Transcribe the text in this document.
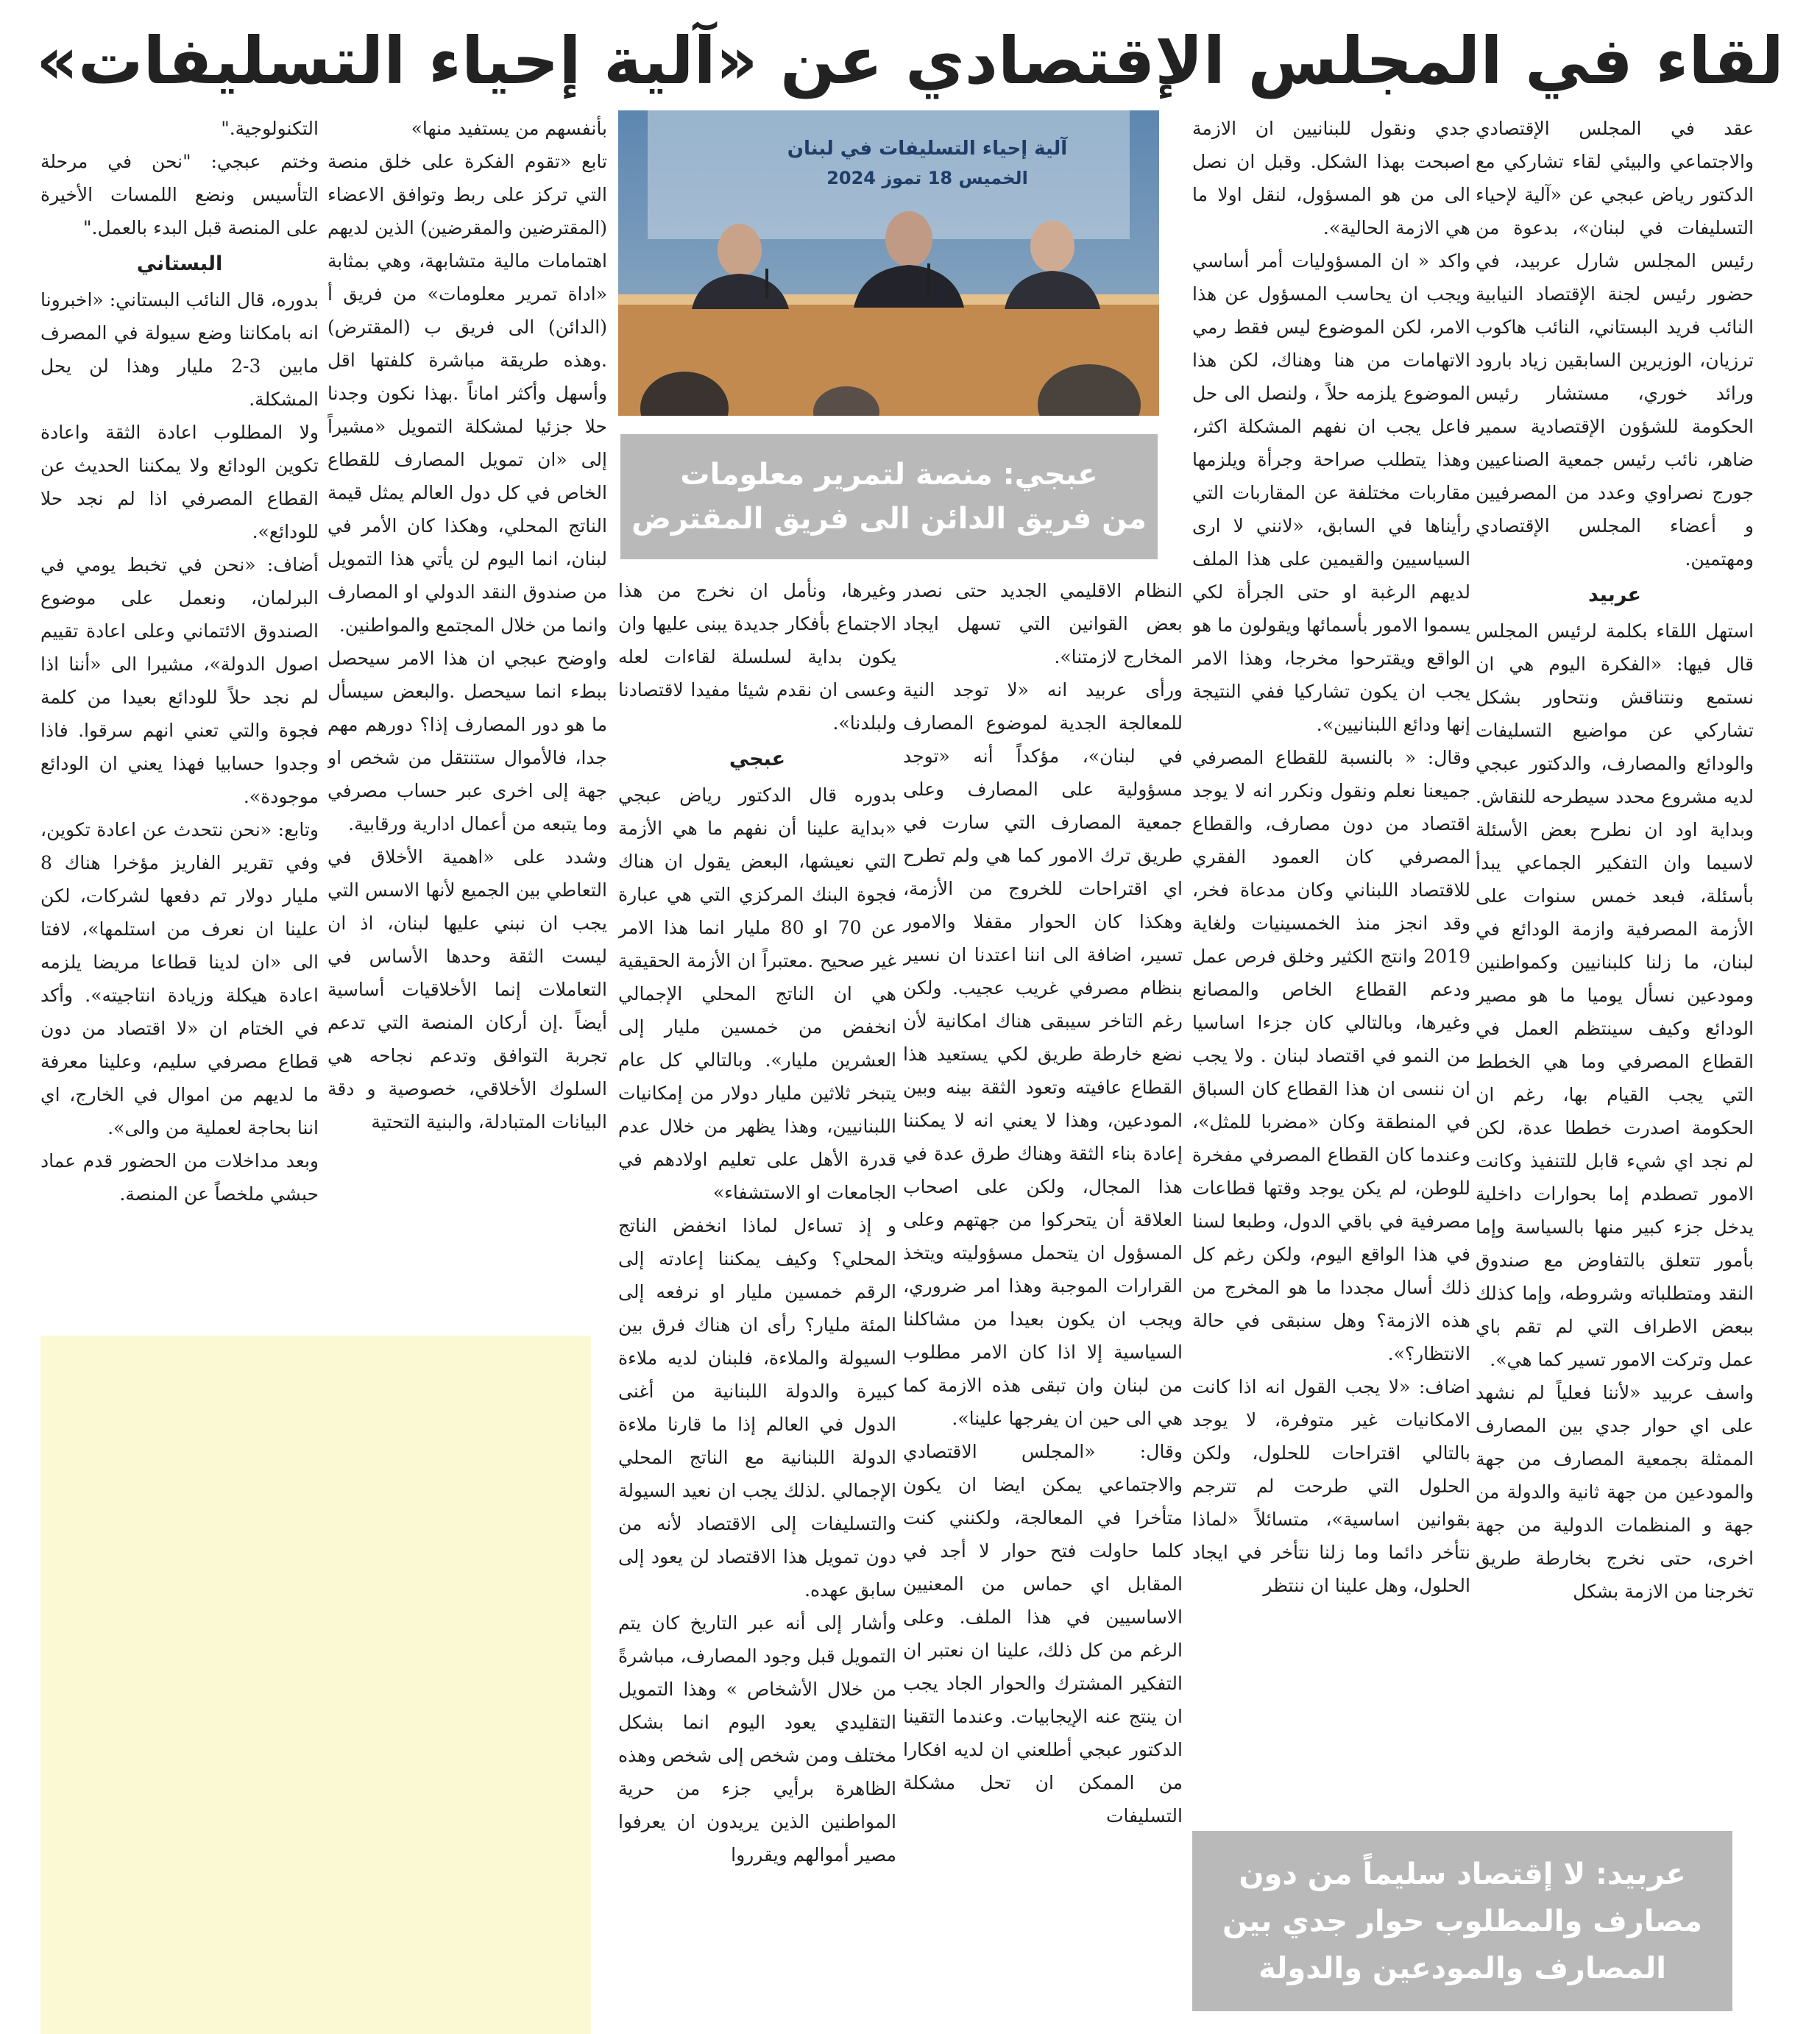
لقاء في المجلس الإقتصادي عن «آلية إحياء التسليفات»
آلية إحياء التسليفات في لبنان
الخميس 18 تموز 2024
عبجي: منصة لتمرير معلومات
من فريق الدائن الى فريق المقترض
عربيد: لا إقتصاد سليماً من دون
مصارف والمطلوب حوار جدي بين
المصارف والمودعين والدولة

عقد في المجلس الإقتصادي والاجتماعي والبيئي لقاء تشاركي مع الدكتور رياض عبجي عن «آلية لإحياء التسليفات في لبنان»، بدعوة من رئيس المجلس شارل عربيد، في حضور رئيس لجنة الإقتصاد النيابية النائب فريد البستاني، النائب هاكوب ترزيان، الوزيرين السابقين زياد بارود ورائد خوري، مستشار رئيس الحكومة للشؤون الإقتصادية سمير ضاهر، نائب رئيس جمعية الصناعيين جورج نصراوي وعدد من المصرفيين و أعضاء المجلس الإقتصادي ومهتمين.

عربيد

استهل اللقاء بكلمة لرئيس المجلس قال فيها: «الفكرة اليوم هي ان نستمع ونتناقش ونتحاور بشكل تشاركي عن مواضيع التسليفات والودائع والمصارف، والدكتور عبجي لديه مشروع محدد سيطرحه للنقاش. وبداية اود ان نطرح بعض الأسئلة لاسيما وان التفكير الجماعي يبدأ بأسئلة، فبعد خمس سنوات على الأزمة المصرفية وازمة الودائع في لبنان، ما زلنا كلبنانيين وكمواطنين ومودعين نسأل يوميا ما هو مصير الودائع وكيف سينتظم العمل في القطاع المصرفي وما هي الخطط التي يجب القيام بها، رغم ان الحكومة اصدرت خططا عدة، لكن لم نجد اي شيء قابل للتنفيذ وكانت الامور تصطدم إما بحوارات داخلية يدخل جزء كبير منها بالسياسة وإما بأمور تتعلق بالتفاوض مع صندوق النقد ومتطلباته وشروطه، وإما كذلك ببعض الاطراف التي لم تقم باي عمل وتركت الامور تسير كما هي».

واسف عربيد «لأننا فعلياً لم نشهد على اي حوار جدي بين المصارف الممثلة بجمعية المصارف من جهة والمودعين من جهة ثانية والدولة من جهة و المنظمات الدولية من جهة اخرى، حتى نخرج بخارطة طريق تخرجنا من الازمة بشكل

جدي ونقول للبنانيين ان الازمة اصبحت بهذا الشكل. وقبل ان نصل الى من هو المسؤول، لنقل اولا ما هي الازمة الحالية».

واكد « ان المسؤوليات أمر أساسي ويجب ان يحاسب المسؤول عن هذا الامر، لكن الموضوع ليس فقط رمي الاتهامات من هنا وهناك، لكن هذا الموضوع يلزمه حلاً ، ولنصل الى حل فاعل يجب ان نفهم المشكلة اكثر، وهذا يتطلب صراحة وجرأة ويلزمها مقاربات مختلفة عن المقاربات التي رأيناها في السابق، «لانني لا ارى السياسيين والقيمين على هذا الملف لديهم الرغبة او حتى الجرأة لكي يسموا الامور بأسمائها ويقولون ما هو الواقع ويقترحوا مخرجا، وهذا الامر يجب ان يكون تشاركيا ففي النتيجة إنها ودائع اللبنانيين».

وقال: « بالنسبة للقطاع المصرفي جميعنا نعلم ونقول ونكرر انه لا يوجد اقتصاد من دون مصارف، والقطاع المصرفي كان العمود الفقري للاقتصاد اللبناني وكان مدعاة فخر، وقد انجز منذ الخمسينيات ولغاية 2019 وانتج الكثير وخلق فرص عمل ودعم القطاع الخاص والمصانع وغيرها، وبالتالي كان جزءا اساسيا من النمو في اقتصاد لبنان . ولا يجب ان ننسى ان هذا القطاع كان السباق في المنطقة وكان «مضربا للمثل»، وعندما كان القطاع المصرفي مفخرة للوطن، لم يكن يوجد وقتها قطاعات مصرفية في باقي الدول، وطبعا لسنا في هذا الواقع اليوم، ولكن رغم كل ذلك أسال مجددا ما هو المخرج من هذه الازمة؟ وهل سنبقى في حالة الانتظار؟».

اضاف: «لا يجب القول انه اذا كانت الامكانيات غير متوفرة، لا يوجد بالتالي اقتراحات للحلول، ولكن الحلول التي طرحت لم تترجم بقوانين اساسية»، متسائلاً «لماذا نتأخر دائما وما زلنا نتأخر في ايجاد الحلول، وهل علينا ان ننتظر

النظام الاقليمي الجديد حتى نصدر بعض القوانين التي تسهل ايجاد المخارج لازمتنا».

ورأى عربيد انه «لا توجد النية للمعالجة الجدية لموضوع المصارف في لبنان»، مؤكداً أنه «توجد مسؤولية على المصارف وعلى جمعية المصارف التي سارت في طريق ترك الامور كما هي ولم تطرح اي اقتراحات للخروج من الأزمة، وهكذا كان الحوار مقفلا والامور تسير، اضافة الى اننا اعتدنا ان نسير بنظام مصرفي غريب عجيب. ولكن رغم التاخر سيبقى هناك امكانية لأن نضع خارطة طريق لكي يستعيد هذا القطاع عافيته وتعود الثقة بينه وبين المودعين، وهذا لا يعني انه لا يمكننا إعادة بناء الثقة وهناك طرق عدة في هذا المجال، ولكن على اصحاب العلاقة أن يتحركوا من جهتهم وعلى المسؤول ان يتحمل مسؤوليته ويتخذ القرارات الموجبة وهذا امر ضروري، ويجب ان يكون بعيدا من مشاكلنا السياسية إلا اذا كان الامر مطلوب من لبنان وان تبقى هذه الازمة كما هي الى حين ان يفرجها علينا».

وقال: «المجلس الاقتصادي والاجتماعي يمكن ايضا ان يكون متأخرا في المعالجة، ولكنني كنت كلما حاولت فتح حوار لا أجد في المقابل اي حماس من المعنيين الاساسيين في هذا الملف. وعلى الرغم من كل ذلك، علينا ان نعتبر ان التفكير المشترك والحوار الجاد يجب ان ينتج عنه الإيجابيات. وعندما التقينا الدكتور عبجي أطلعني ان لديه افكارا من الممكن ان تحل مشكلة التسليفات

وغيرها، ونأمل ان نخرج من هذا الاجتماع بأفكار جديدة يبنى عليها وان يكون بداية لسلسلة لقاءات لعله وعسى ان نقدم شيئا مفيدا لاقتصادنا ولبلدنا».

عبجي

بدوره قال الدكتور رياض عبجي «بداية علينا أن نفهم ما هي الأزمة التي نعيشها، البعض يقول ان هناك فجوة البنك المركزي التي هي عبارة عن 70 او 80 مليار انما هذا الامر غير صحيح .معتبراً ان الأزمة الحقيقية هي ان الناتج المحلي الإجمالي انخفض من خمسين مليار إلى العشرين مليار». وبالتالي كل عام يتبخر ثلاثين مليار دولار من إمكانيات اللبنانيين، وهذا يظهر من خلال عدم قدرة الأهل على تعليم اولادهم في الجامعات او الاستشفاء»

و إذ تساءل لماذا انخفض الناتج المحلي؟ وكيف يمكننا إعادته إلى الرقم خمسين مليار او نرفعه إلى المئة مليار؟ رأى ان هناك فرق بين السيولة والملاءة، فلبنان لديه ملاءة كبيرة والدولة اللبنانية من أغنى الدول في العالم إذا ما قارنا ملاءة الدولة اللبنانية مع الناتج المحلي الإجمالي .لذلك يجب ان نعيد السيولة والتسليفات إلى الاقتصاد لأنه من دون تمويل هذا الاقتصاد لن يعود إلى سابق عهده.

وأشار إلى أنه عبر التاريخ كان يتم التمويل قبل وجود المصارف، مباشرةً من خلال الأشخاص » وهذا التمويل التقليدي يعود اليوم انما بشكل مختلف ومن شخص إلى شخص وهذه الظاهرة برأيي جزء من حرية المواطنين الذين يريدون ان يعرفوا مصير أموالهم ويقرروا

بأنفسهم من يستفيد منها»

تابع «تقوم الفكرة على خلق منصة التي تركز على ربط وتوافق الاعضاء (المقترضين والمقرضين) الذين لديهم اهتمامات مالية متشابهة، وهي بمثابة «اداة تمرير معلومات» من فريق أ (الدائن) الى فريق ب (المقترض) .وهذه طريقة مباشرة كلفتها اقل وأسهل وأكثر اماناً .بهذا نكون وجدنا حلا جزئيا لمشكلة التمويل «مشيراً إلى «ان تمويل المصارف للقطاع الخاص في كل دول العالم يمثل قيمة الناتج المحلي، وهكذا كان الأمر في لبنان، انما اليوم لن يأتي هذا التمويل من صندوق النقد الدولي او المصارف وانما من خلال المجتمع والمواطنين.

واوضح عبجي ان هذا الامر سيحصل ببطء انما سيحصل .والبعض سيسأل ما هو دور المصارف إذا؟ دورهم مهم جدا، فالأموال ستنتقل من شخص او جهة إلى اخرى عبر حساب مصرفي وما يتبعه من أعمال ادارية ورقابية.

وشدد على «اهمية الأخلاق في التعاطي بين الجميع لأنها الاسس التي يجب ان نبني عليها لبنان، اذ ان ليست الثقة وحدها الأساس في التعاملات إنما الأخلاقيات أساسية أيضاً .إن أركان المنصة التي تدعم تجربة التوافق وتدعم نجاحه هي السلوك الأخلاقي، خصوصية و دقة البيانات المتبادلة، والبنية التحتية

التكنولوجية."

وختم عبجي: "نحن في مرحلة التأسيس ونضع اللمسات الأخيرة على المنصة قبل البدء بالعمل."

البستاني

بدوره، قال النائب البستاني: «اخبرونا انه بامكاننا وضع سيولة في المصرف مابين 3-2 مليار وهذا لن يحل المشكلة.

ولا المطلوب اعادة الثقة واعادة تكوين الودائع ولا يمكننا الحديث عن القطاع المصرفي اذا لم نجد حلا للودائع».

أضاف: «نحن في تخبط يومي في البرلمان، ونعمل على موضوع الصندوق الائتماني وعلى اعادة تقييم اصول الدولة»، مشيرا الى «أننا اذا لم نجد حلاً للودائع بعيدا من كلمة فجوة والتي تعني انهم سرقوا. فاذا وجدوا حسابيا فهذا يعني ان الودائع موجودة».

وتابع: «نحن نتحدث عن اعادة تكوين، وفي تقرير الفاريز مؤخرا هناك 8 مليار دولار تم دفعها لشركات، لكن علينا ان نعرف من استلمها»، لافتا الى «ان لدينا قطاعا مريضا يلزمه اعادة هيكلة وزيادة انتاجيته». وأكد في الختام ان «لا اقتصاد من دون قطاع مصرفي سليم، وعلينا معرفة ما لديهم من اموال في الخارج، اي اننا بحاجة لعملية من والى».

وبعد مداخلات من الحضور قدم عماد حبشي ملخصاً عن المنصة.
